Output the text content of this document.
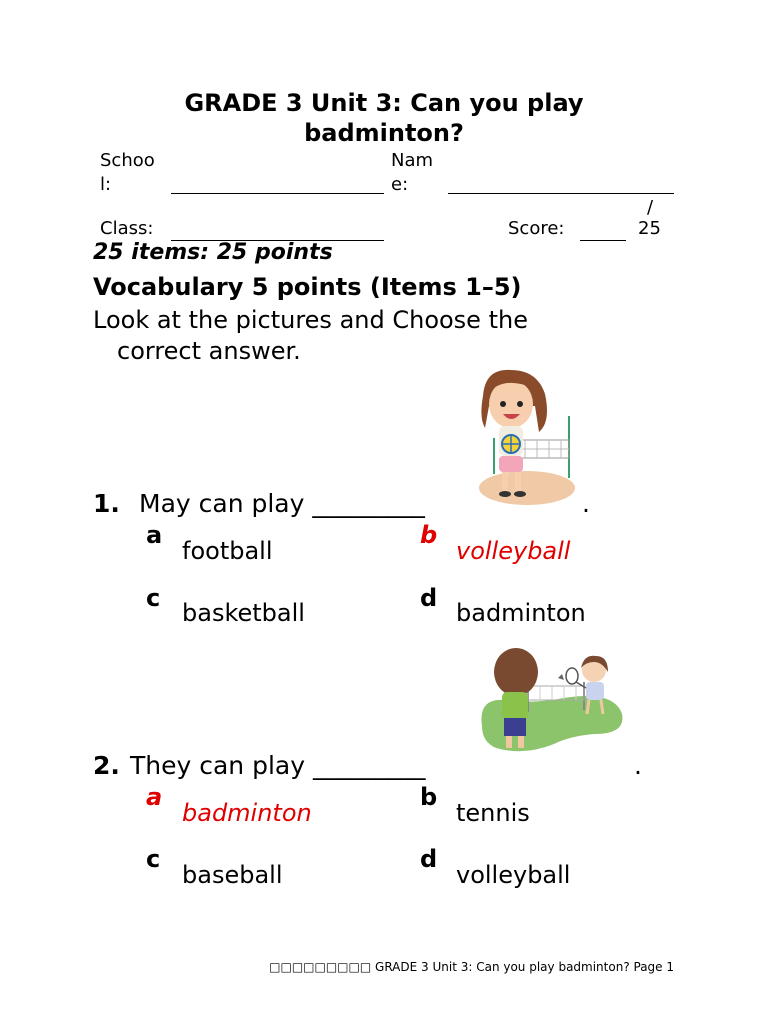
GRADE 3 Unit 3: Can you play
badminton?
Schoo
l:
Nam
e:
/
Class:	Score:	25
25 items: 25 points
Vocabulary 5 points (Items 1–5)
Look at the pictures and Choose the
correct answer.
1. May can play _________	.
a
football
b
volleyball
c
basketball
d
badminton
2. They can play _________	.
a
badminton
b
tennis
c
baseball
d
volleyball
□□□□□□□□□ GRADE 3 Unit 3: Can you play badminton? Page 1
